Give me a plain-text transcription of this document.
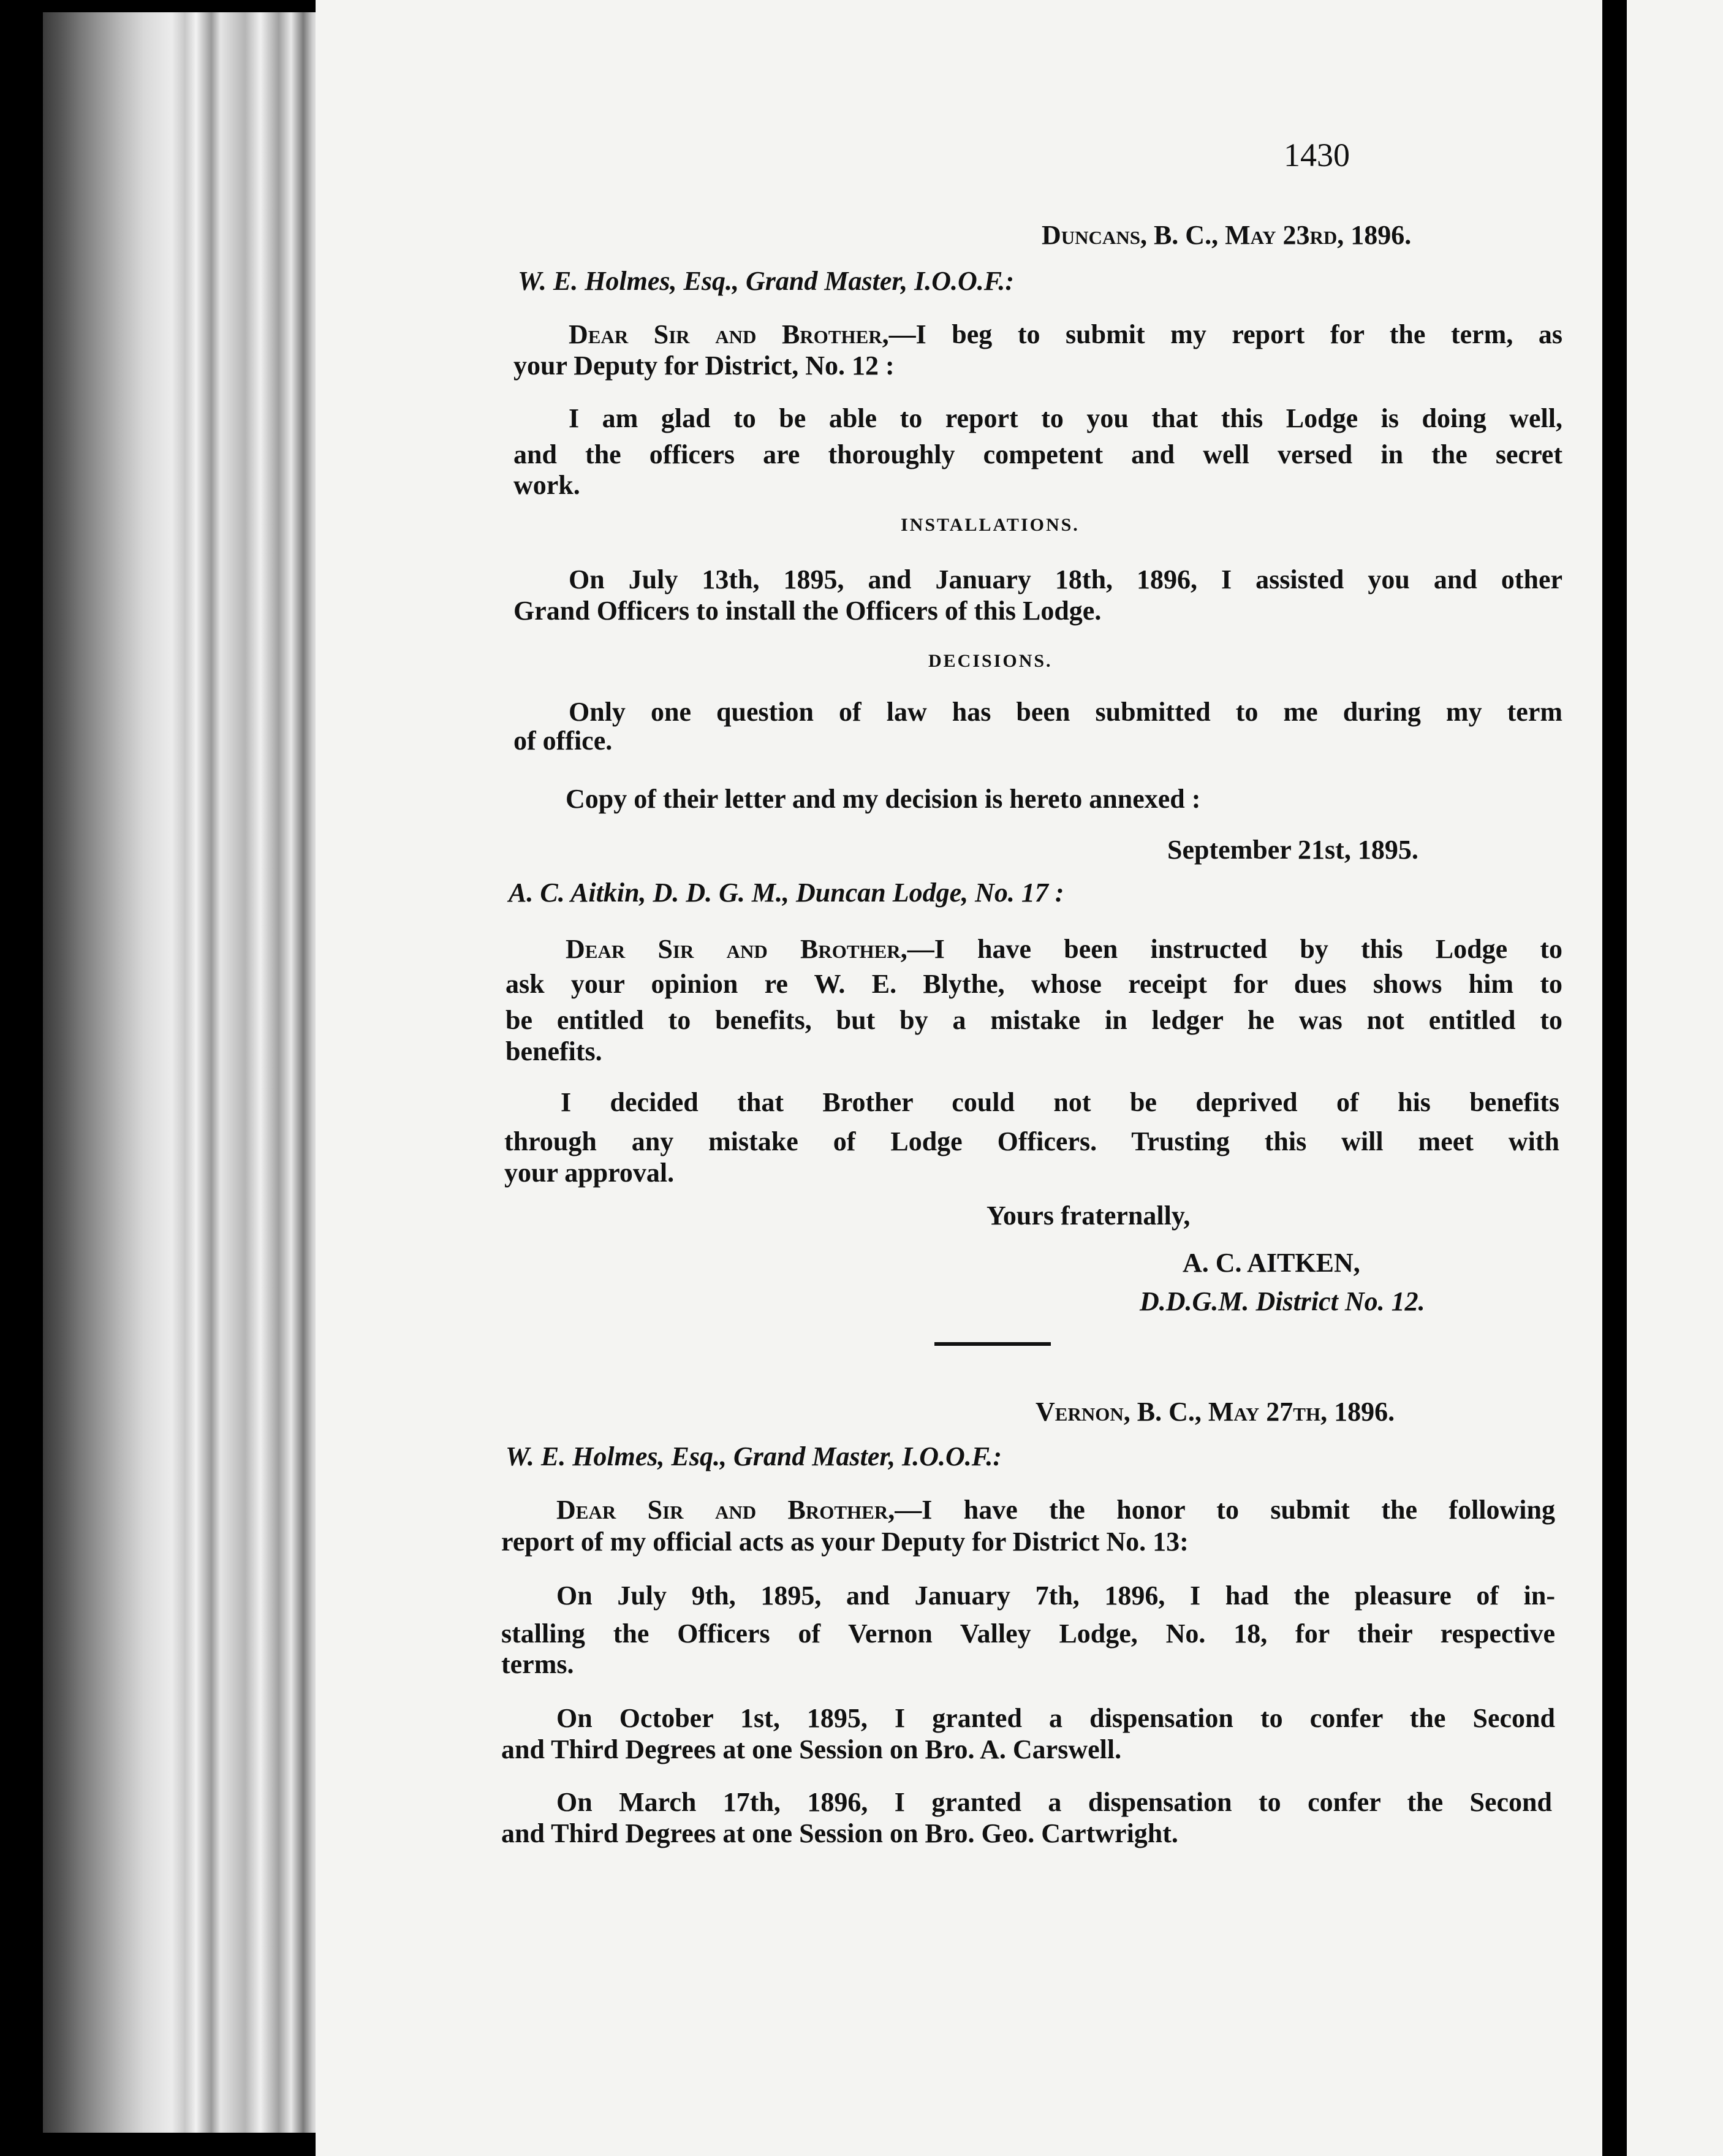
1430
Duncans, B. C., May 23rd, 1896.
W. E. Holmes, Esq., Grand Master, I.O.O.F.:
Dear Sir and Brother,—I beg to submit my report for the term, as
your Deputy for District, No. 12 :
I am glad to be able to report to you that this Lodge is doing well,
and the officers are thoroughly competent and well versed in the secret
work.
INSTALLATIONS.
On July 13th, 1895, and January 18th, 1896, I assisted you and other
Grand Officers to install the Officers of this Lodge.
DECISIONS.
Only one question of law has been submitted to me during my term
of office.
Copy of their letter and my decision is hereto annexed :
September 21st, 1895.
A. C. Aitkin, D. D. G. M., Duncan Lodge, No. 17 :
Dear Sir and Brother,—I have been instructed by this Lodge to
ask your opinion re W. E. Blythe, whose receipt for dues shows him to
be entitled to benefits, but by a mistake in ledger he was not entitled to
benefits.
I decided that Brother could not be deprived of his benefits
through any mistake of Lodge Officers. Trusting this will meet with
your approval.
Yours fraternally,
A. C. AITKEN,
D.D.G.M. District No. 12.
Vernon, B. C., May 27th, 1896.
W. E. Holmes, Esq., Grand Master, I.O.O.F.:
Dear Sir and Brother,—I have the honor to submit the following
report of my official acts as your Deputy for District No. 13:
On July 9th, 1895, and January 7th, 1896, I had the pleasure of in-
stalling the Officers of Vernon Valley Lodge, No. 18, for their respective
terms.
On October 1st, 1895, I granted a dispensation to confer the Second
and Third Degrees at one Session on Bro. A. Carswell.
On March 17th, 1896, I granted a dispensation to confer the Second
and Third Degrees at one Session on Bro. Geo. Cartwright.
